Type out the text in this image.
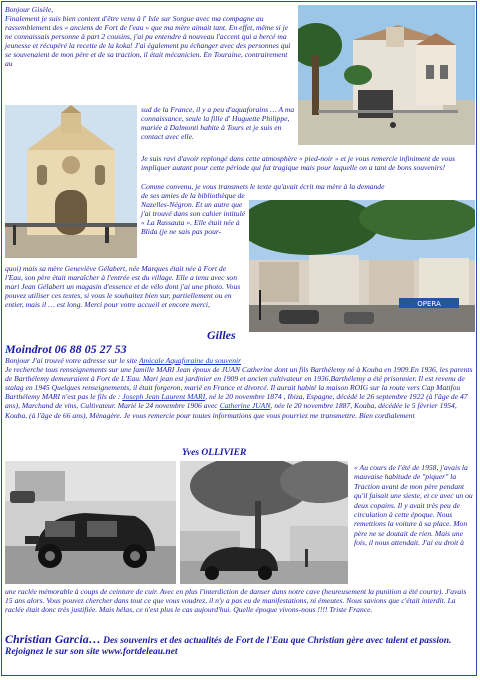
Bonjour Gisèle,

Finalement je suis bien content d'être venu à l' Isle sur Sorgue avec ma compagne au rassemblement des « anciens de Fort de l'eau » que ma mère aimait tant. En effet, même si je ne connaissais personne à part 2 cousins, j'ai pu entendre à nouveau l'accent qui a bercé ma jeunesse et récupéré la recette de la koka! J'ai également pu échanger avec des personnes qui se souvenaient de mon père et de sa traction, il était mécanicien. En Touraine, contrairement au

sud de la France, il y a peu d'aquaforains … A ma connaissance, seule la fille d' Huguette Philippe, mariée à Dalmonti habite à Tours et je suis en contact avec elle.

Je suis ravi d'avoir replongé dans cette atmosphère « pied-noir » et je vous remercie infiniment de vous impliquer autant pour cette période qui fut tragique mais pour laquelle on a tant de bons souvenirs!

Comme convenu, je vous transmets le texte qu'avait écrit ma mère à la demande

de ses amies de la bibliothèque de Nazelles-Négron. Et un autre que j'ai trouvé dans son cahier intitulé « La Rassauta ». Elle était née à Blida (je ne sais pas pour-

OPERA

quoi) mais sa mère Geneviève Gélabert, née Marques était née à Fort de l'Eau, son père était maraîcher à l'entrée est du village. Elle a tenu avec son mari Jean Gélabert un magasin d'essence et de vélo dont j'ai une photo. Vous pouvez utiliser ces textes, si vous le souhaitez bien sur, partiellement ou en entier, mais il … est long. Merci pour votre accueil et encore merci,

Gilles
Moindrot 06 88 05 27 53

Bonjour J'ai trouvé votre adresse sur le site Amicale Aquaforaine du souvenir
Je recherche tous renseignements sur une famille MARI Jean époux de JUAN Catherine dont un fils Barthélemy né à Kouba en 1909.En 1936, les parents de Barthélemy demeuraient à Fort de L'Eau. Mari jean est jardinier en 1909 et ancien cultivateur en 1936.Barthélemy a été prisonnier. Il est revenu de stalag en 1945 Quelques renseignements, il était forgeron, marié en France et divorcé. Il aurait habité la maison ROIG sur la route vers Cap Matifou Barthélemy MARI n'est pas le fils de : Joseph Jean Laurent MARI, né le 20 novembre 1874 , Ibiza, Espagne, décédé le 26 septembre 1922 (à l'âge de 47 ans), Marchand de vins, Cultivateur. Marié le 24 novembre 1906 avec Catherine JUAN, née le 20 novembre 1887, Kouba, décédée le 5 février 1954, Kouba, (à l'âge de 66 ans), Ménagère. Je vous remercie pour toutes informations que vous pourriez me transmettre. Bien cordialement

Yves OLLIVIER

« Au cours de l'été de 1958, j'avais la mauvaise habitude de "piquer" la Traction avant de mon père pendant qu'il faisait une sieste, et ce avec un ou deux copains. Il y avait très peu de circulation à cette époque. Nous remettions la voiture à sa place. Mon père ne se doutait de rien. Mais une fois, il nous attendait. J'ai eu droit à

une raclée mémorable à coups de ceinture de cuir. Avec en plus l'interdiction de danser dans notre cave (heureusement la punition a été courte). J'avais 15 ans alors. Vous pouvez chercher dans tout ce que vous voudrez, il n'y a pas eu de manifestations, ni émeutes. Nous savions que c'était interdit. La raclée était donc très justifiée. Mais hélas, ce n'est plus le cas aujourd'hui. Quelle époque vivons-nous !!!! Triste France.

Christian Garcia… Des souvenirs et des actualités de Fort de l'Eau que Christian gère avec talent et passion. Rejoignez le sur son site www.fortdeleau.net
